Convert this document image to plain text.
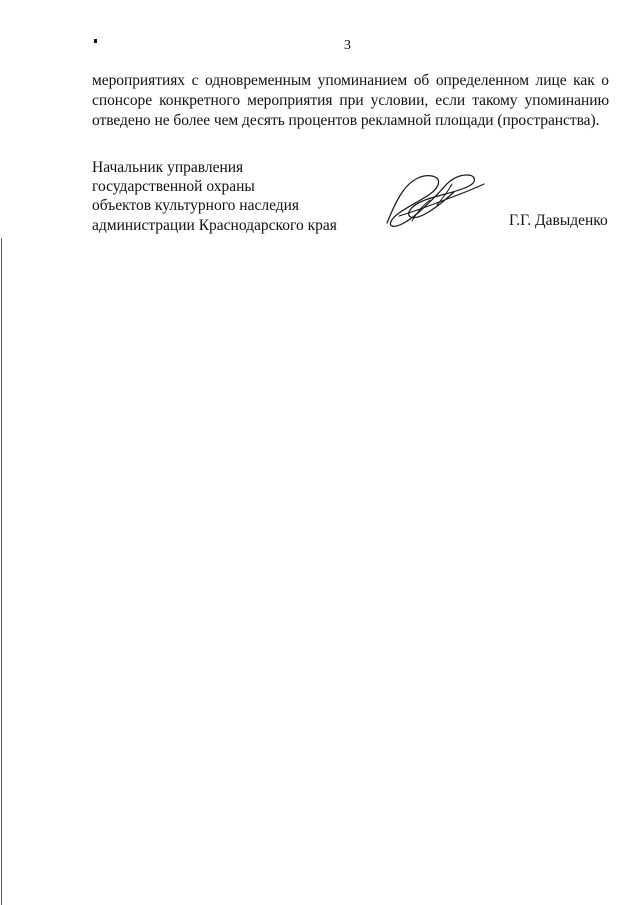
3
мероприятиях с одновременным упоминанием об определенном лице как о
спонсоре конкретного мероприятия при условии, если такому упоминанию
отведено не более чем десять процентов рекламной площади (пространства).
Начальник управления
государственной охраны
объектов культурного наследия
администрации Краснодарского края	Г.Г. Давыденко
